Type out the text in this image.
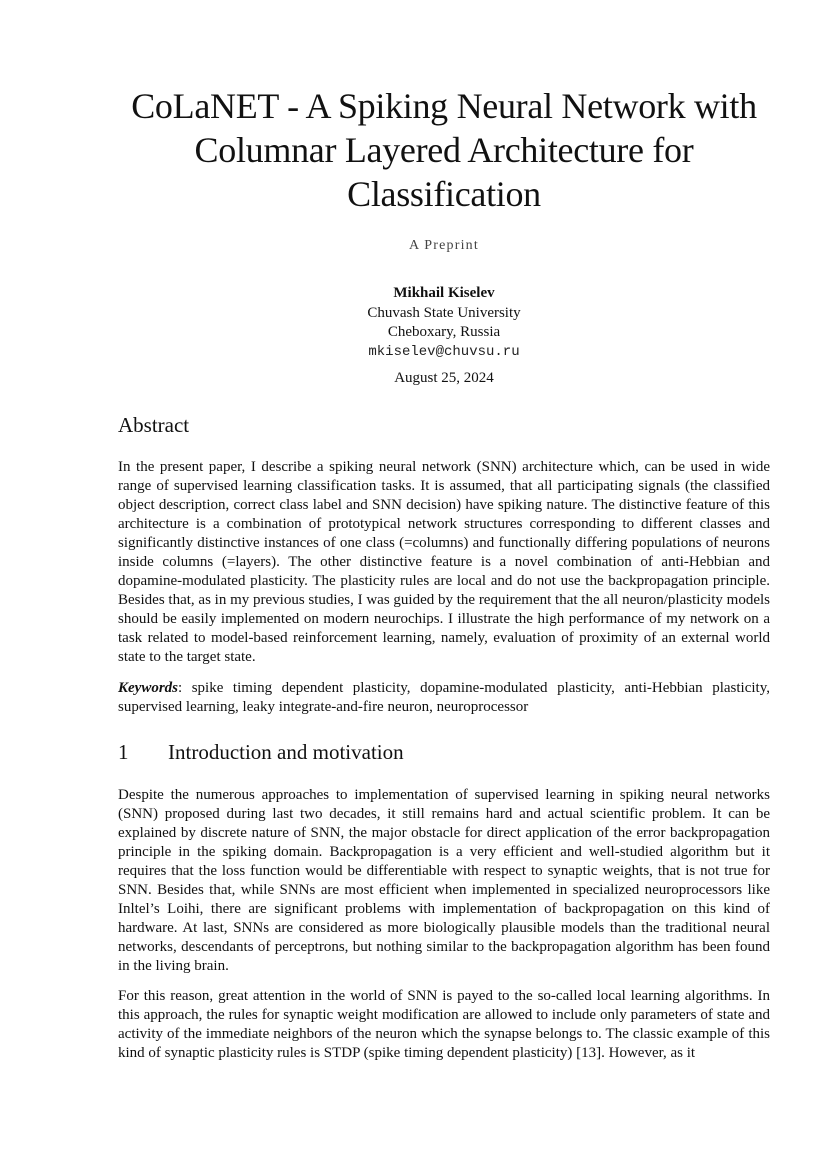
CoLaNET - A Spiking Neural Network with Columnar Layered Architecture for Classification
A Preprint
Mikhail Kiselev
Chuvash State University
Cheboxary, Russia
mkiselev@chuvsu.ru
August 25, 2024
Abstract

In the present paper, I describe a spiking neural network (SNN) architecture which, can be used in wide range of supervised learning classification tasks. It is assumed, that all participating signals (the classified object description, correct class label and SNN decision) have spiking nature. The distinctive feature of this architecture is a combination of prototypical network structures corresponding to different classes and significantly distinctive instances of one class (=columns) and functionally differing populations of neurons inside columns (=layers). The other distinctive feature is a novel combination of anti-Hebbian and dopamine-modulated plasticity. The plasticity rules are local and do not use the backpropagation principle. Besides that, as in my previous studies, I was guided by the requirement that the all neuron/plasticity models should be easily implemented on modern neurochips. I illustrate the high performance of my network on a task related to model-based reinforcement learning, namely, evaluation of proximity of an external world state to the target state.

Keywords: spike timing dependent plasticity, dopamine-modulated plasticity, anti-Hebbian plasticity, supervised learning, leaky integrate-and-fire neuron, neuroprocessor

1 Introduction and motivation

Despite the numerous approaches to implementation of supervised learning in spiking neural networks (SNN) proposed during last two decades, it still remains hard and actual scientific problem. It can be explained by discrete nature of SNN, the major obstacle for direct application of the error backpropagation principle in the spiking domain. Backpropagation is a very efficient and well-studied algorithm but it requires that the loss function would be differentiable with respect to synaptic weights, that is not true for SNN. Besides that, while SNNs are most efficient when implemented in specialized neuroprocessors like Inltel’s Loihi, there are significant problems with implementation of backpropagation on this kind of hardware. At last, SNNs are considered as more biologically plausible models than the traditional neural networks, descendants of perceptrons, but nothing similar to the backpropagation algorithm has been found in the living brain.

For this reason, great attention in the world of SNN is payed to the so-called local learning algorithms. In this approach, the rules for synaptic weight modification are allowed to include only parameters of state and activity of the immediate neighbors of the neuron which the synapse belongs to. The classic example of this kind of synaptic plasticity rules is STDP (spike timing dependent plasticity) [13]. However, as it
